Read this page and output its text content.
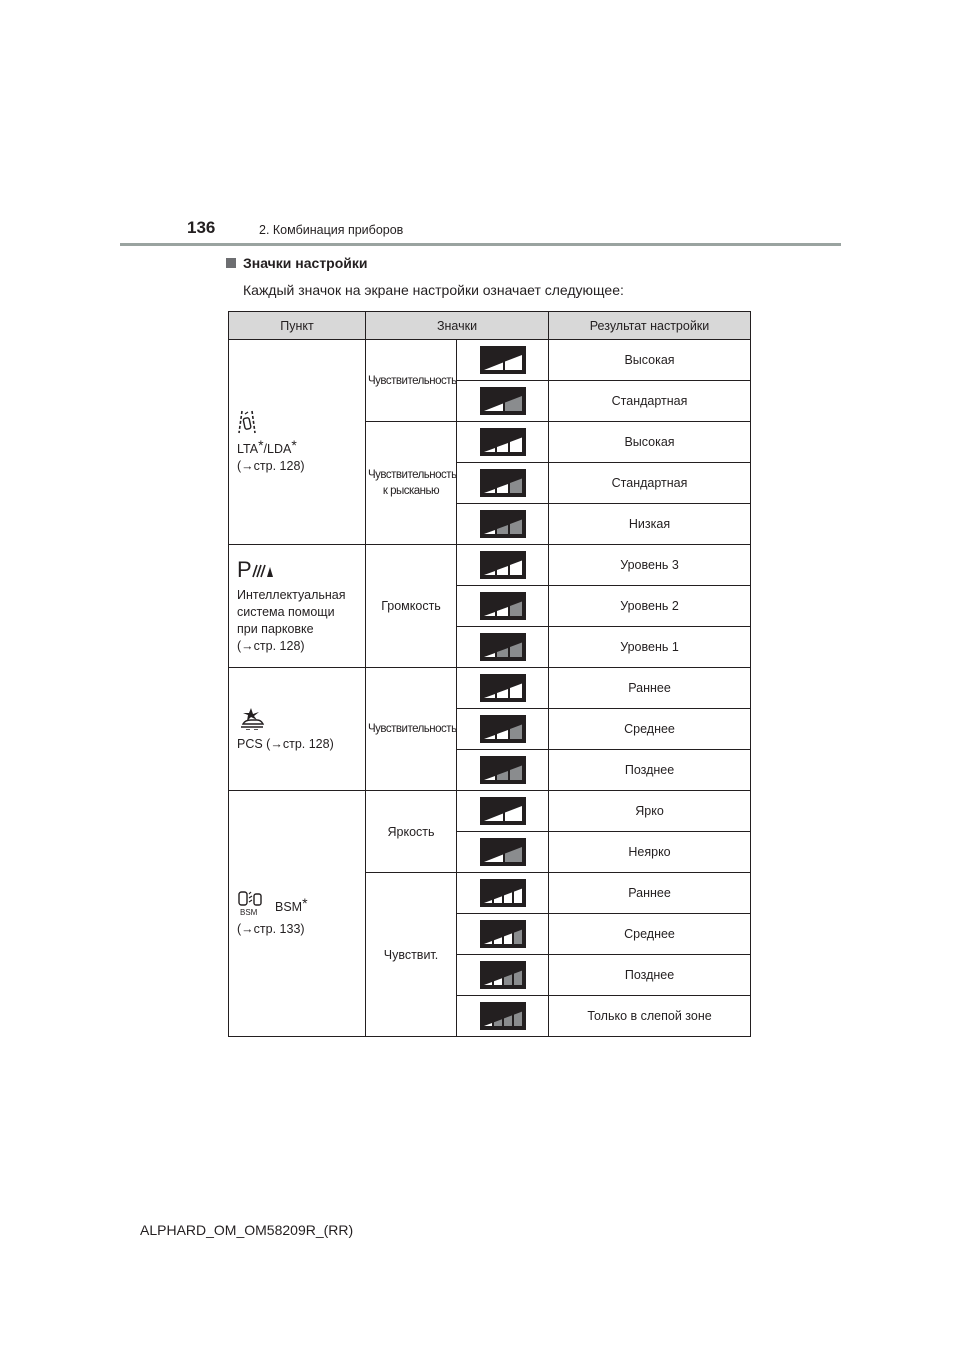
136	2. Комбинация приборов
Значки настройки
Каждый значок на экране настройки означает следующее:
Пункт	Значки		Результат настройки

LTA*/LDA*
(→стр. 128)	Чувствительность		Высокая
	Стандартная
	Чувствительность к рысканью		Высокая
	Стандартная
	Низкая

P
Интеллектуальная
система помощи
при парковке
(→стр. 128)	Громкость		Уровень 3
	Уровень 2
	Уровень 1

PCS (→стр. 128)	Чувствительность		Раннее
	Среднее
	Позднее

BSM BSM*

(→стр. 133)	Яркость		Ярко
	Неярко
	Чувствит.		Раннее
	Среднее
	Позднее
	Только в слепой зоне
ALPHARD_OM_OM58209R_(RR)
